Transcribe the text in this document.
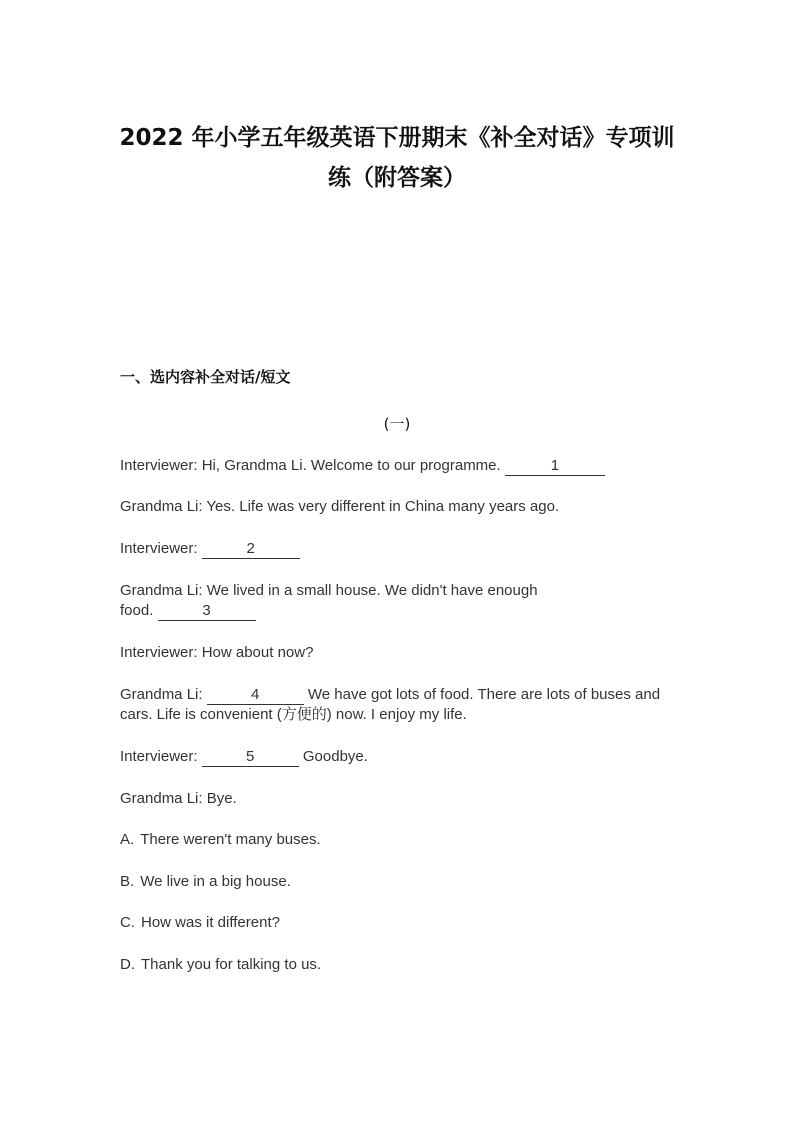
2022 年小学五年级英语下册期末《补全对话》专项训
练（附答案）
一、选内容补全对话/短文
(一)
Interviewer: Hi, Grandma Li. Welcome to our programme.	1
Grandma Li: Yes. Life was very different in China many years ago.
Interviewer:	2
Grandma Li: We lived in a small house. We didn't have enough food.	3
Interviewer: How about now?
Grandma Li:	4	We have got lots of food. There are lots of buses and cars. Life is convenient (方便的) now. I enjoy my life.
Interviewer:	5	Goodbye.
Grandma Li: Bye.
A. There weren't many buses.
B. We live in a big house.
C. How was it different?
D. Thank you for talking to us.
